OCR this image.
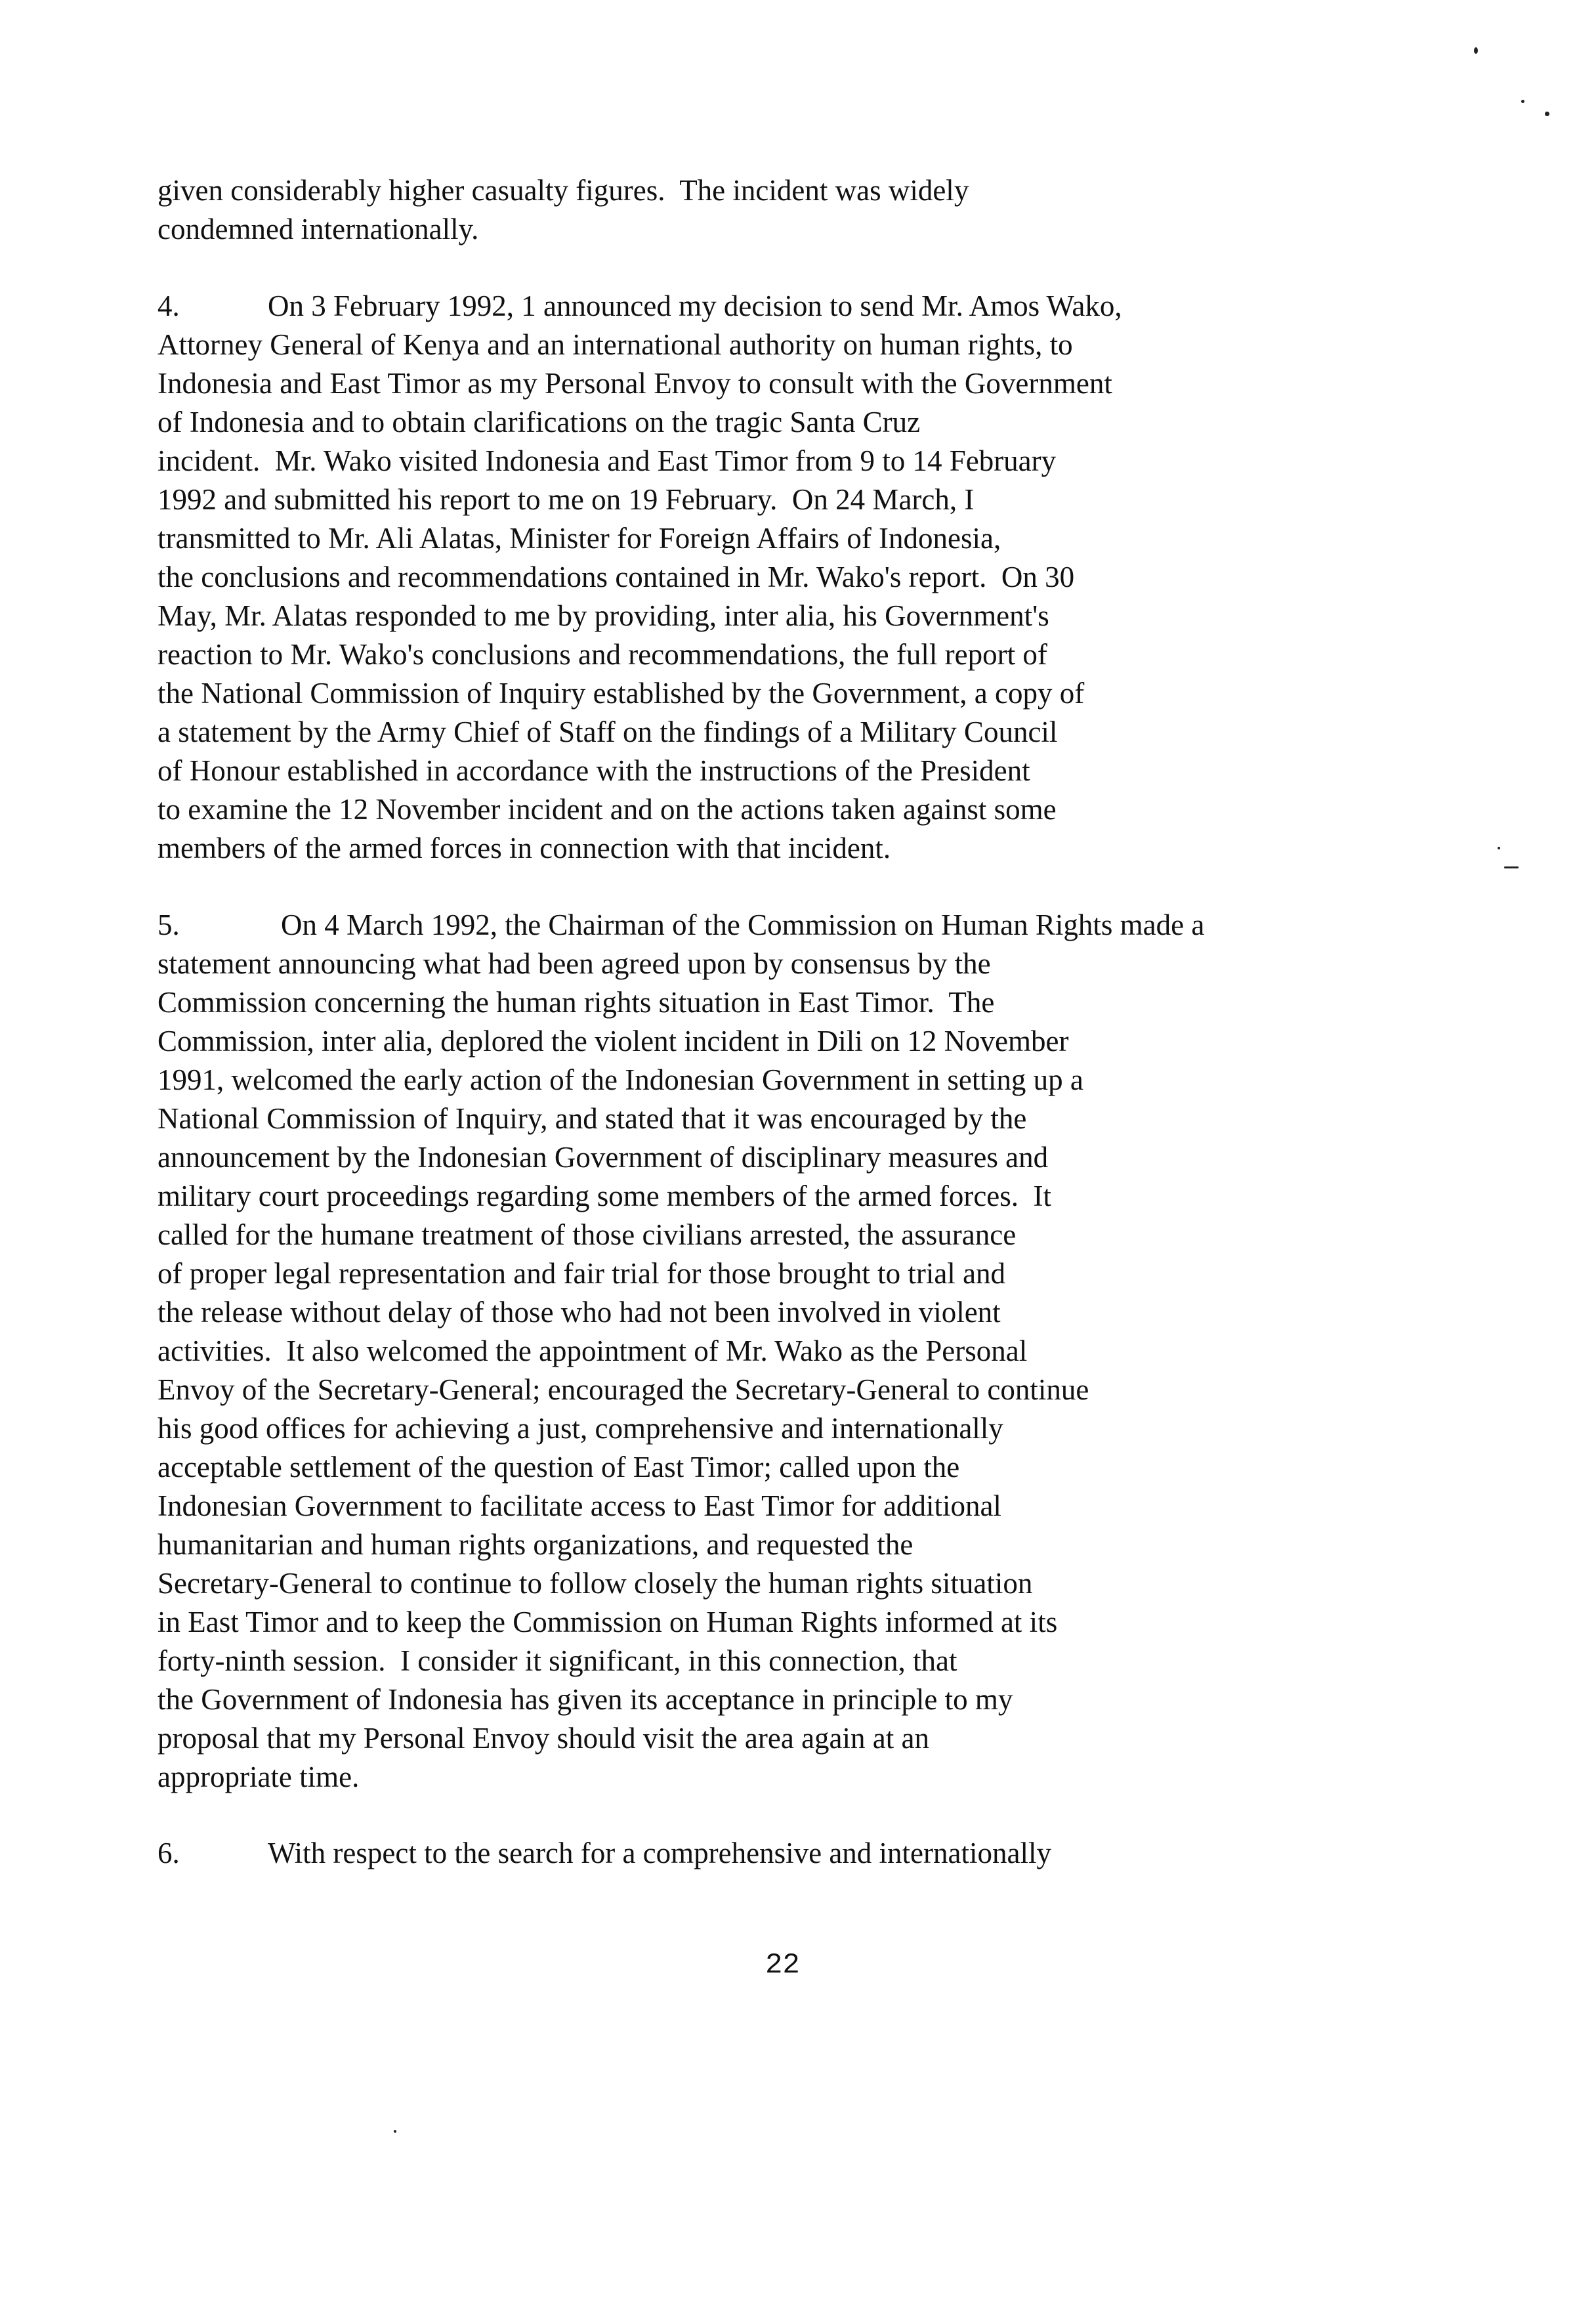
given considerably higher casualty figures.  The incident was widely
condemned internationally.
4.	On 3 February 1992, 1 announced my decision to send Mr. Amos Wako,
Attorney General of Kenya and an international authority on human rights, to
Indonesia and East Timor as my Personal Envoy to consult with the Government
of Indonesia and to obtain clarifications on the tragic Santa Cruz
incident.  Mr. Wako visited Indonesia and East Timor from 9 to 14 February
1992 and submitted his report to me on 19 February.  On 24 March, I
transmitted to Mr. Ali Alatas, Minister for Foreign Affairs of Indonesia,
the conclusions and recommendations contained in Mr. Wako's report.  On 30
May, Mr. Alatas responded to me by providing, inter alia, his Government's
reaction to Mr. Wako's conclusions and recommendations, the full report of
the National Commission of Inquiry established by the Government, a copy of
a statement by the Army Chief of Staff on the findings of a Military Council
of Honour established in accordance with the instructions of the President
to examine the 12 November incident and on the actions taken against some
members of the armed forces in connection with that incident.
5.	On 4 March 1992, the Chairman of the Commission on Human Rights made a
statement announcing what had been agreed upon by consensus by the
Commission concerning the human rights situation in East Timor.  The
Commission, inter alia, deplored the violent incident in Dili on 12 November
1991, welcomed the early action of the Indonesian Government in setting up a
National Commission of Inquiry, and stated that it was encouraged by the
announcement by the Indonesian Government of disciplinary measures and
military court proceedings regarding some members of the armed forces.  It
called for the humane treatment of those civilians arrested, the assurance
of proper legal representation and fair trial for those brought to trial and
the release without delay of those who had not been involved in violent
activities.  It also welcomed the appointment of Mr. Wako as the Personal
Envoy of the Secretary-General; encouraged the Secretary-General to continue
his good offices for achieving a just, comprehensive and internationally
acceptable settlement of the question of East Timor; called upon the
Indonesian Government to facilitate access to East Timor for additional
humanitarian and human rights organizations, and requested the
Secretary-General to continue to follow closely the human rights situation
in East Timor and to keep the Commission on Human Rights informed at its
forty-ninth session.  I consider it significant, in this connection, that
the Government of Indonesia has given its acceptance in principle to my
proposal that my Personal Envoy should visit the area again at an
appropriate time.
6.	With respect to the search for a comprehensive and internationally
22
